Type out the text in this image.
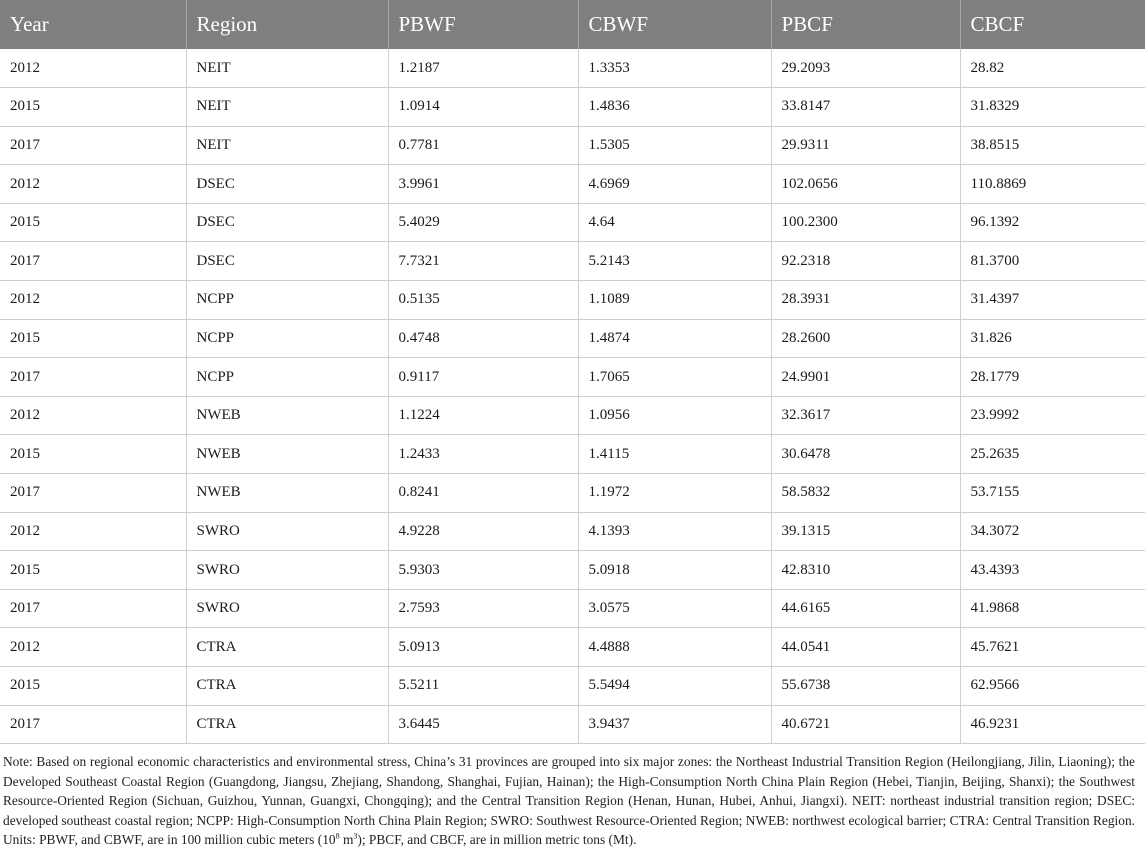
Year	Region	PBWF	CBWF	PBCF	CBCF
2012	NEIT	1.2187	1.3353	29.2093	28.82
2015	NEIT	1.0914	1.4836	33.8147	31.8329
2017	NEIT	0.7781	1.5305	29.9311	38.8515
2012	DSEC	3.9961	4.6969	102.0656	110.8869
2015	DSEC	5.4029	4.64	100.2300	96.1392
2017	DSEC	7.7321	5.2143	92.2318	81.3700
2012	NCPP	0.5135	1.1089	28.3931	31.4397
2015	NCPP	0.4748	1.4874	28.2600	31.826
2017	NCPP	0.9117	1.7065	24.9901	28.1779
2012	NWEB	1.1224	1.0956	32.3617	23.9992
2015	NWEB	1.2433	1.4115	30.6478	25.2635
2017	NWEB	0.8241	1.1972	58.5832	53.7155
2012	SWRO	4.9228	4.1393	39.1315	34.3072
2015	SWRO	5.9303	5.0918	42.8310	43.4393
2017	SWRO	2.7593	3.0575	44.6165	41.9868
2012	CTRA	5.0913	4.4888	44.0541	45.7621
2015	CTRA	5.5211	5.5494	55.6738	62.9566
2017	CTRA	3.6445	3.9437	40.6721	46.9231
Note: Based on regional economic characteristics and environmental stress, China’s 31 provinces are grouped into six major zones: the Northeast Industrial Transition Region (Heilongjiang, Jilin, Liaoning); the Developed Southeast Coastal Region (Guangdong, Jiangsu, Zhejiang, Shandong, Shanghai, Fujian, Hainan); the High-Consumption North China Plain Region (Hebei, Tianjin, Beijing, Shanxi); the Southwest Resource-Oriented Region (Sichuan, Guizhou, Yunnan, Guangxi, Chongqing); and the Central Transition Region (Henan, Hunan, Hubei, Anhui, Jiangxi). NEIT: northeast industrial transition region; DSEC: developed southeast coastal region; NCPP: High-Consumption North China Plain Region; SWRO: Southwest Resource-Oriented Region; NWEB: northwest ecological barrier; CTRA: Central Transition Region. Units: PBWF, and CBWF, are in 100 million cubic meters ($10^8$ $m^3$); PBCF, and CBCF, are in million metric tons (Mt).
